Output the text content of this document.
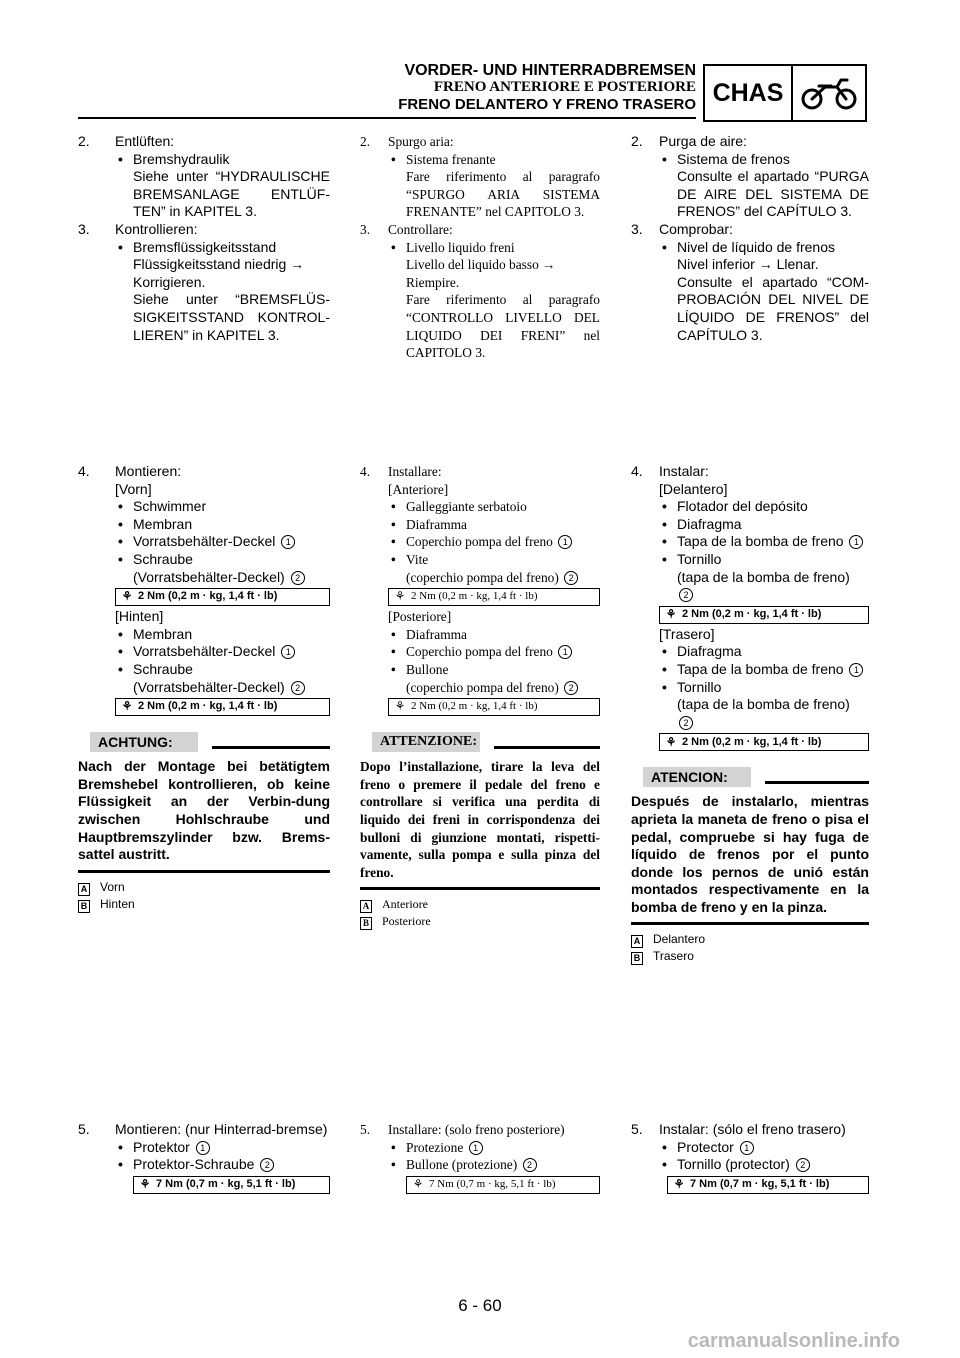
VORDER- UND HINTERRADBREMSEN
FRENO ANTERIORE E POSTERIORE
FRENO DELANTERO Y FRENO TRASERO CHAS
2. Entlüften:
• Bremshydraulik
Siehe unter “HYDRAULISCHE BREMSANLAGE ENTLÜF-TEN” in KAPITEL 3.
3. Kontrollieren:
• Bremsflüssigkeitsstand
Flüssigkeitsstand niedrig →
Korrigieren.
Siehe unter “BREMSFLÜS-SIGKEITSSTAND KONTROL-LIEREN” in KAPITEL 3.
4. Montieren:
[Vorn]
• Schwimmer
• Membran
• Vorratsbehälter-Deckel 1
• Schraube
(Vorratsbehälter-Deckel) 2
⚘ 2 Nm (0,2 m · kg, 1,4 ft · lb)
[Hinten]
• Membran
• Vorratsbehälter-Deckel 1
• Schraube
(Vorratsbehälter-Deckel) 2
⚘ 2 Nm (0,2 m · kg, 1,4 ft · lb)
ACHTUNG:
Nach der Montage bei betätigtem Bremshebel kontrollieren, ob keine Flüssigkeit an der Verbin-dung zwischen Hohlschraube und Hauptbremszylinder bzw. Brems-sattel austritt.
A Vorn
B Hinten
5. Montieren: (nur Hinterrad-bremse)
• Protektor 1
• Protektor-Schraube 2
⚘ 7 Nm (0,7 m · kg, 5,1 ft · lb)
2. Spurgo aria:
• Sistema frenante
Fare riferimento al paragrafo “SPURGO ARIA SISTEMA FRENANTE” nel CAPITOLO 3.
3. Controllare:
• Livello liquido freni
Livello del liquido basso →
Riempire.
Fare riferimento al paragrafo “CONTROLLO LIVELLO DEL LIQUIDO DEI FRENI” nel CAPITOLO 3.
4. Installare:
[Anteriore]
• Galleggiante serbatoio
• Diaframma
• Coperchio pompa del freno 1
• Vite
(coperchio pompa del freno) 2
⚘ 2 Nm (0,2 m · kg, 1,4 ft · lb)
[Posteriore]
• Diaframma
• Coperchio pompa del freno 1
• Bullone
(coperchio pompa del freno) 2
⚘ 2 Nm (0,2 m · kg, 1,4 ft · lb)
ATTENZIONE:
Dopo l’installazione, tirare la leva del freno o premere il pedale del freno e controllare si verifica una perdita di liquido dei freni in corrispondenza dei bulloni di giunzione montati, rispetti-vamente, sulla pompa e sulla pinza del freno.
A Anteriore
B Posteriore
5. Installare: (solo freno posteriore)
• Protezione 1
• Bullone (protezione) 2
⚘ 7 Nm (0,7 m · kg, 5,1 ft · lb)
2. Purga de aire:
• Sistema de frenos
Consulte el apartado “PURGA DE AIRE DEL SISTEMA DE FRENOS” del CAPÍTULO 3.
3. Comprobar:
• Nivel de líquido de frenos
Nivel inferior → Llenar.
Consulte el apartado “COM-PROBACIÓN DEL NIVEL DE LÍQUIDO DE FRENOS” del CAPÍTULO 3.
4. Instalar:
[Delantero]
• Flotador del depósito
• Diafragma
• Tapa de la bomba de freno 1
• Tornillo
(tapa de la bomba de freno) 2
⚘ 2 Nm (0,2 m · kg, 1,4 ft · lb)
[Trasero]
• Diafragma
• Tapa de la bomba de freno 1
• Tornillo
(tapa de la bomba de freno) 2
⚘ 2 Nm (0,2 m · kg, 1,4 ft · lb)
ATENCION:
Después de instalarlo, mientras aprieta la maneta de freno o pisa el pedal, compruebe si hay fuga de líquido de frenos por el punto donde los pernos de unió están montados respectivamente en la bomba de freno y en la pinza.
A Delantero
B Trasero
5. Instalar: (sólo el freno trasero)
• Protector 1
• Tornillo (protector) 2
⚘ 7 Nm (0,7 m · kg, 5,1 ft · lb)
6 - 60
carmanualsonline.info
